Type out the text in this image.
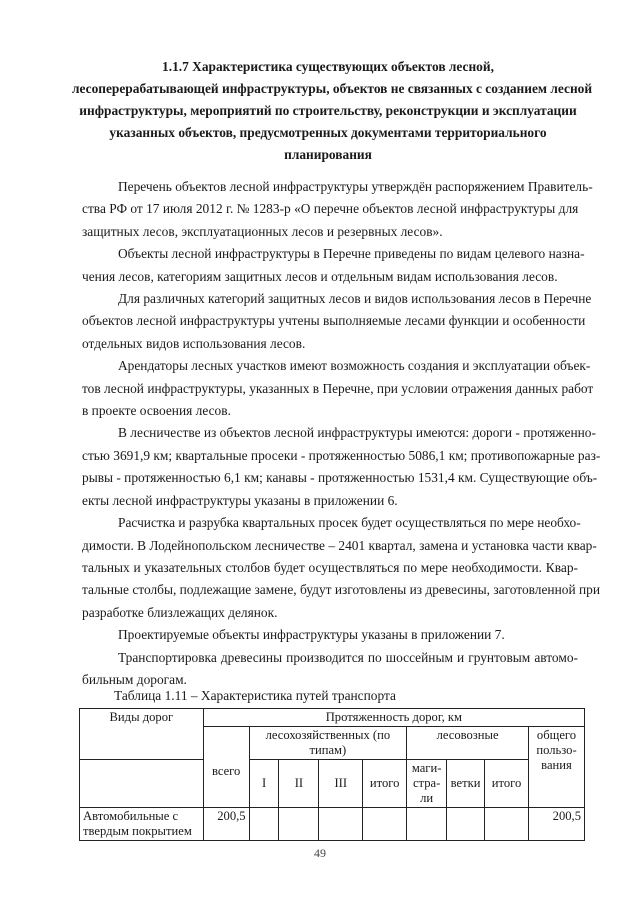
1.1.7 Характеристика существующих объектов лесной,
лесоперерабатывающей инфраструктуры, объектов не связанных с созданием лесной
инфраструктуры, мероприятий по строительству, реконструкции и эксплуатации
указанных объектов, предусмотренных документами территориального
планирования

Перечень объектов лесной инфраструктуры утверждён распоряжением Правитель-
ства РФ от 17 июля 2012 г. № 1283-р «О перечне объектов лесной инфраструктуры для
защитных лесов, эксплуатационных лесов и резервных лесов».

Объекты лесной инфраструктуры в Перечне приведены по видам целевого назна-
чения лесов, категориям защитных лесов и отдельным видам использования лесов.

Для различных категорий защитных лесов и видов использования лесов в Перечне
объектов лесной инфраструктуры учтены выполняемые лесами функции и особенности
отдельных видов использования лесов.

Арендаторы лесных участков имеют возможность создания и эксплуатации объек-
тов лесной инфраструктуры, указанных в Перечне, при условии отражения данных работ
в проекте освоения лесов.

В лесничестве из объектов лесной инфраструктуры имеются: дороги - протяженно-
стью 3691,9 км; квартальные просеки - протяженностью 5086,1 км; противопожарные раз-
рывы - протяженностью 6,1 км; канавы - протяженностью 1531,4 км. Существующие объ-
екты лесной инфраструктуры указаны в приложении 6.

Расчистка и разрубка квартальных просек будет осуществляться по мере необхо-
димости. В Лодейнопольском лесничестве – 2401 квартал, замена и установка части квар-
тальных и указательных столбов будет осуществляться по мере необходимости. Квар-
тальные столбы, подлежащие замене, будут изготовлены из древесины, заготовленной при
разработке близлежащих делянок.

Проектируемые объекты инфраструктуры указаны в приложении 7.

Транспортировка древесины производится по шоссейным и грунтовым автомо-
бильным дорогам.

Таблица 1.11 – Характеристика путей транспорта
Виды дорог	Протяженность дорог, км								
	всего	лесохозяйственных (по типам)				лесовозные			общего пользо-вания
		I	II	III	итого	маги-стра-ли	ветки	итого	
Автомобильные с твердым покрытием	200,5								200,5
49
